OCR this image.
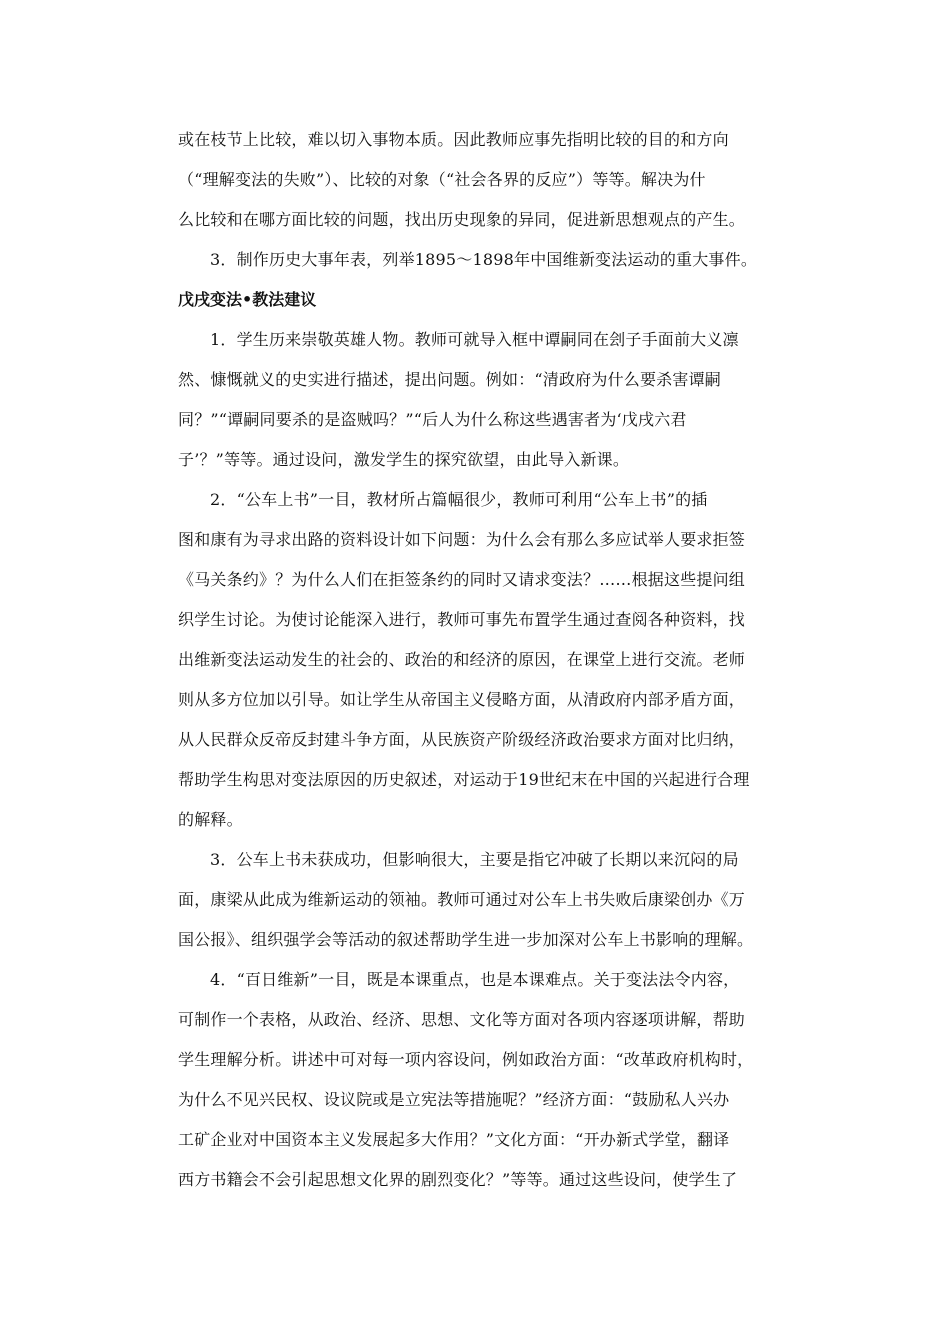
或在枝节上比较，难以切入事物本质。因此教师应事先指明比较的目的和方向
（“理解变法的失败”）、比较的对象（“社会各界的反应”）等等。解决为什
么比较和在哪方面比较的问题，找出历史现象的异同，促进新思想观点的产生。
3．制作历史大事年表，列举1895～1898年中国维新变法运动的重大事件。
戊戌变法•教法建议
1．学生历来崇敬英雄人物。教师可就导入框中谭嗣同在刽子手面前大义凛
然、慷慨就义的史实进行描述，提出问题。例如：“清政府为什么要杀害谭嗣
同？”“谭嗣同要杀的是盗贼吗？”“后人为什么称这些遇害者为‘戊戌六君
子’？”等等。通过设问，激发学生的探究欲望，由此导入新课。
2．“公车上书”一目，教材所占篇幅很少，教师可利用“公车上书”的插
图和康有为寻求出路的资料设计如下问题：为什么会有那么多应试举人要求拒签
《马关条约》？为什么人们在拒签条约的同时又请求变法？……根据这些提问组
织学生讨论。为使讨论能深入进行，教师可事先布置学生通过查阅各种资料，找
出维新变法运动发生的社会的、政治的和经济的原因，在课堂上进行交流。老师
则从多方位加以引导。如让学生从帝国主义侵略方面，从清政府内部矛盾方面，
从人民群众反帝反封建斗争方面，从民族资产阶级经济政治要求方面对比归纳，
帮助学生构思对变法原因的历史叙述，对运动于19世纪末在中国的兴起进行合理
的解释。
3．公车上书未获成功，但影响很大，主要是指它冲破了长期以来沉闷的局
面，康梁从此成为维新运动的领袖。教师可通过对公车上书失败后康梁创办《万
国公报》、组织强学会等活动的叙述帮助学生进一步加深对公车上书影响的理解。
4．“百日维新”一目，既是本课重点，也是本课难点。关于变法法令内容，
可制作一个表格，从政治、经济、思想、文化等方面对各项内容逐项讲解，帮助
学生理解分析。讲述中可对每一项内容设问，例如政治方面：“改革政府机构时，
为什么不见兴民权、设议院或是立宪法等措施呢？”经济方面：“鼓励私人兴办
工矿企业对中国资本主义发展起多大作用？”文化方面：“开办新式学堂，翻译
西方书籍会不会引起思想文化界的剧烈变化？”等等。通过这些设问，使学生了
